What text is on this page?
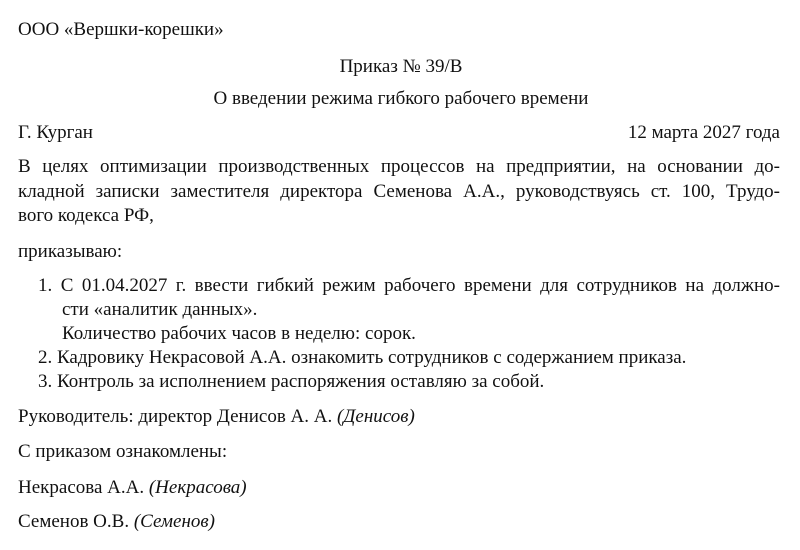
ООО «Вершки-корешки»
Приказ № 39/В
О введении режима гибкого рабочего времени
Г. Курган	12 марта 2027 года
В целях оптимизации производственных процессов на предприятии, на основании до-
кладной записки заместителя директора Семенова А.А., руководствуясь ст. 100, Трудо-
вого кодекса РФ,
приказываю:
1. С 01.04.2027 г. ввести гибкий режим рабочего времени для сотрудников на должно-
сти «аналитик данных».
Количество рабочих часов в неделю: сорок.
2. Кадровику Некрасовой А.А. ознакомить сотрудников с содержанием приказа.
3. Контроль за исполнением распоряжения оставляю за собой.
Руководитель: директор Денисов А. А. (Денисов)
С приказом ознакомлены:
Некрасова А.А. (Некрасова)
Семенов О.В. (Семенов)
